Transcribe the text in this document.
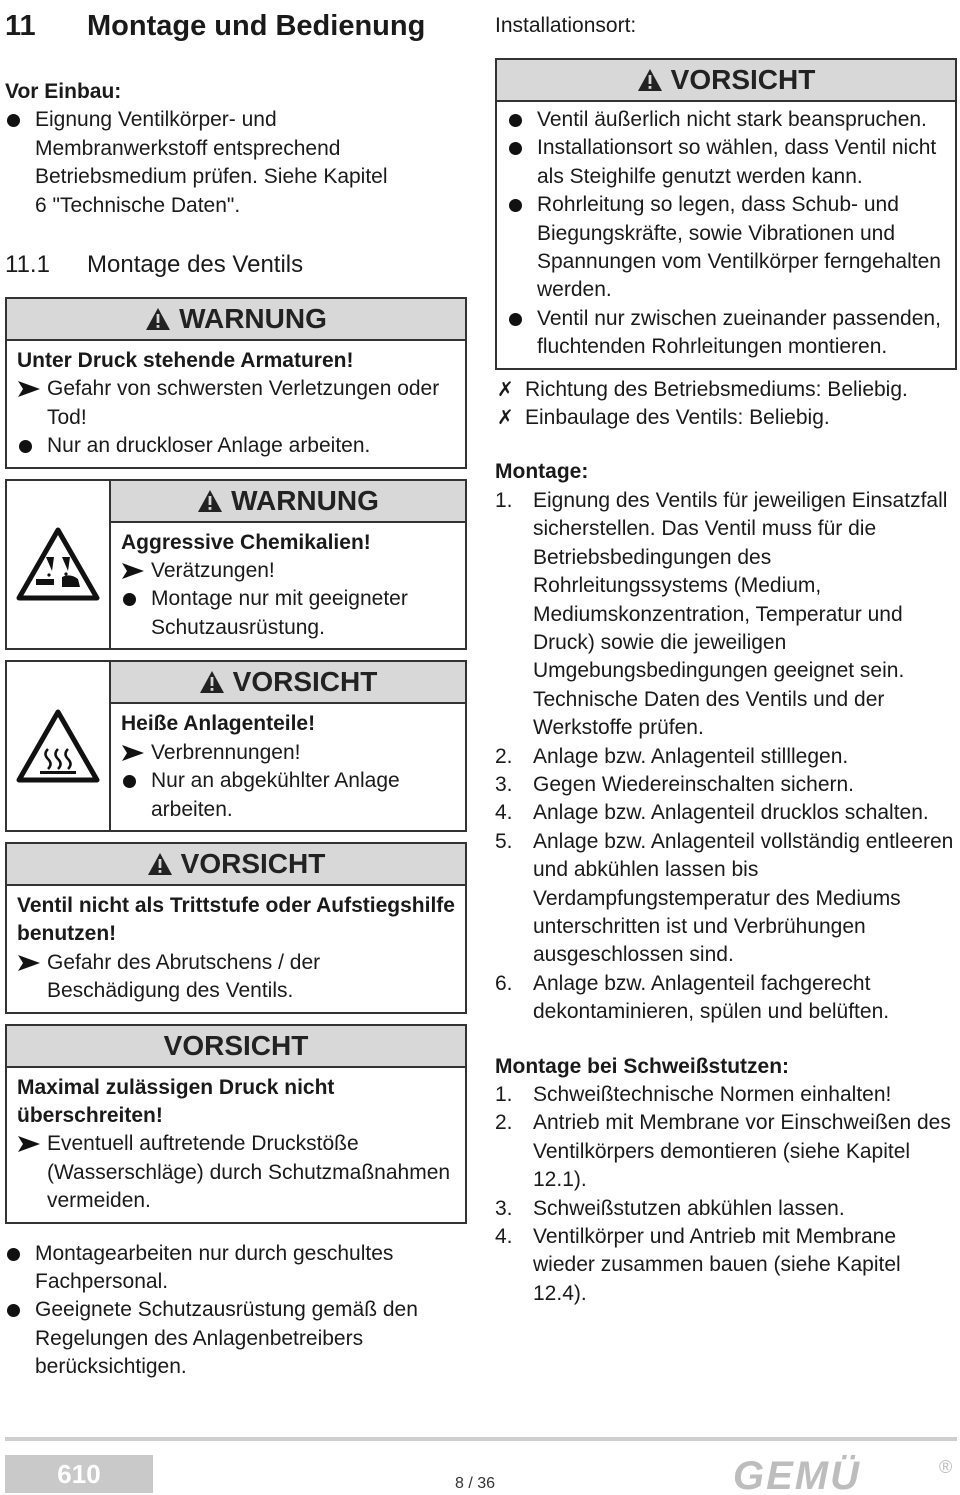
11	Montage und Bedienung
Vor Einbau:
Eignung Ventilkörper- und Membranwerkstoff entsprechend Betriebsmedium prüfen. Siehe Kapitel 6 "Technische Daten".
11.1	Montage des Ventils
WARNUNG
Unter Druck stehende Armaturen!
Gefahr von schwersten Verletzungen oder Tod!
Nur an druckloser Anlage arbeiten.
WARNUNG
Aggressive Chemikalien!
Verätzungen!
Montage nur mit geeigneter Schutzausrüstung.
VORSICHT
Heiße Anlagenteile!
Verbrennungen!
Nur an abgekühlter Anlage arbeiten.
VORSICHT
Ventil nicht als Trittstufe oder Aufstiegshilfe benutzen!
Gefahr des Abrutschens / der Beschädigung des Ventils.
VORSICHT
Maximal zulässigen Druck nicht überschreiten!
Eventuell auftretende Druckstöße (Wasserschläge) durch Schutzmaßnahmen vermeiden.
Montagearbeiten nur durch geschultes Fachpersonal.
Geeignete Schutzausrüstung gemäß den Regelungen des Anlagenbetreibers berücksichtigen.
Installationsort:
VORSICHT
Ventil äußerlich nicht stark beanspruchen.
Installationsort so wählen, dass Ventil nicht als Steighilfe genutzt werden kann.
Rohrleitung so legen, dass Schub- und Biegungskräfte, sowie Vibrationen und Spannungen vom Ventilkörper ferngehalten werden.
Ventil nur zwischen zueinander passenden, fluchtenden Rohrleitungen montieren.
✗ Richtung des Betriebsmediums: Beliebig.
✗ Einbaulage des Ventils: Beliebig.
Montage:
1. Eignung des Ventils für jeweiligen Einsatzfall sicherstellen. Das Ventil muss für die Betriebsbedingungen des Rohrleitungssystems (Medium, Mediumskonzentration, Temperatur und Druck) sowie die jeweiligen Umgebungsbedingungen geeignet sein. Technische Daten des Ventils und der Werkstoffe prüfen.
2. Anlage bzw. Anlagenteil stilllegen.
3. Gegen Wiedereinschalten sichern.
4. Anlage bzw. Anlagenteil drucklos schalten.
5. Anlage bzw. Anlagenteil vollständig entleeren und abkühlen lassen bis Verdampfungstemperatur des Mediums unterschritten ist und Verbrühungen ausgeschlossen sind.
6. Anlage bzw. Anlagenteil fachgerecht dekontaminieren, spülen und belüften.
Montage bei Schweißstutzen:
1. Schweißtechnische Normen einhalten!
2. Antrieb mit Membrane vor Einschweißen des Ventilkörpers demontieren (siehe Kapitel 12.1).
3. Schweißstutzen abkühlen lassen.
4. Ventilkörper und Antrieb mit Membrane wieder zusammen bauen (siehe Kapitel 12.4).
610	8 / 36	GEMÜ	®
